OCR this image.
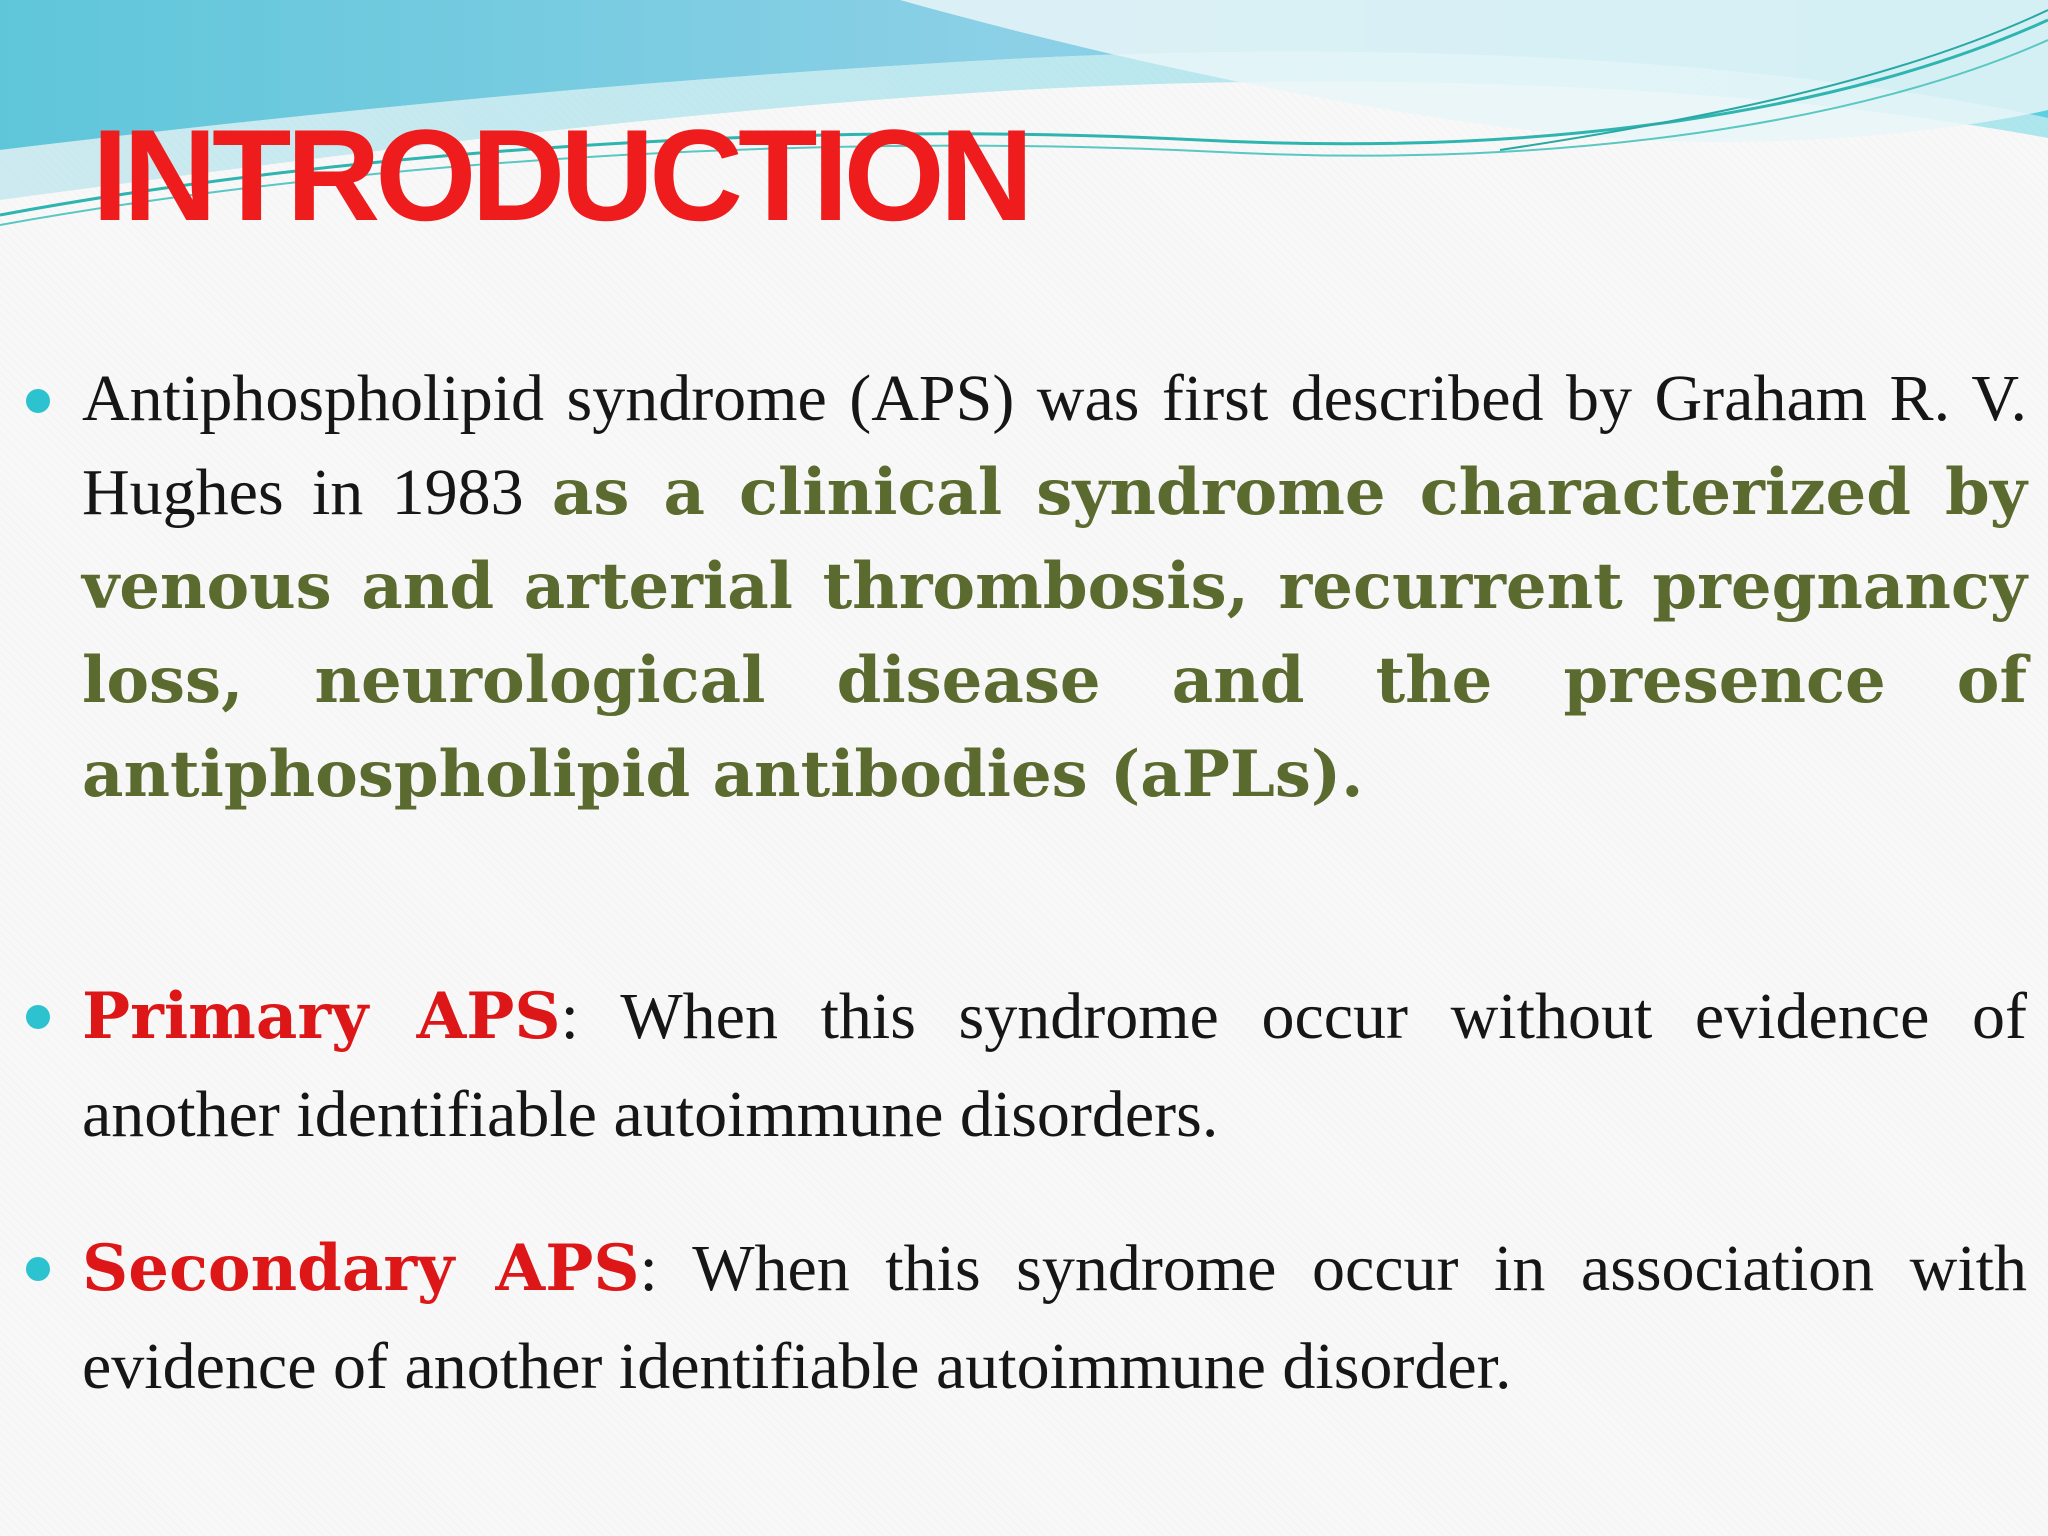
INTRODUCTION

Antiphospholipid syndrome (APS) was first described by Graham R. V. Hughes in 1983 as a clinical syndrome characterized by venous and arterial thrombosis, recurrent pregnancy loss, neurological disease and the presence of antiphospholipid antibodies (aPLs).

Primary APS: When this syndrome occur without evidence of another identifiable autoimmune disorders.

Secondary APS: When this syndrome occur in association with evidence of another identifiable autoimmune disorder.
